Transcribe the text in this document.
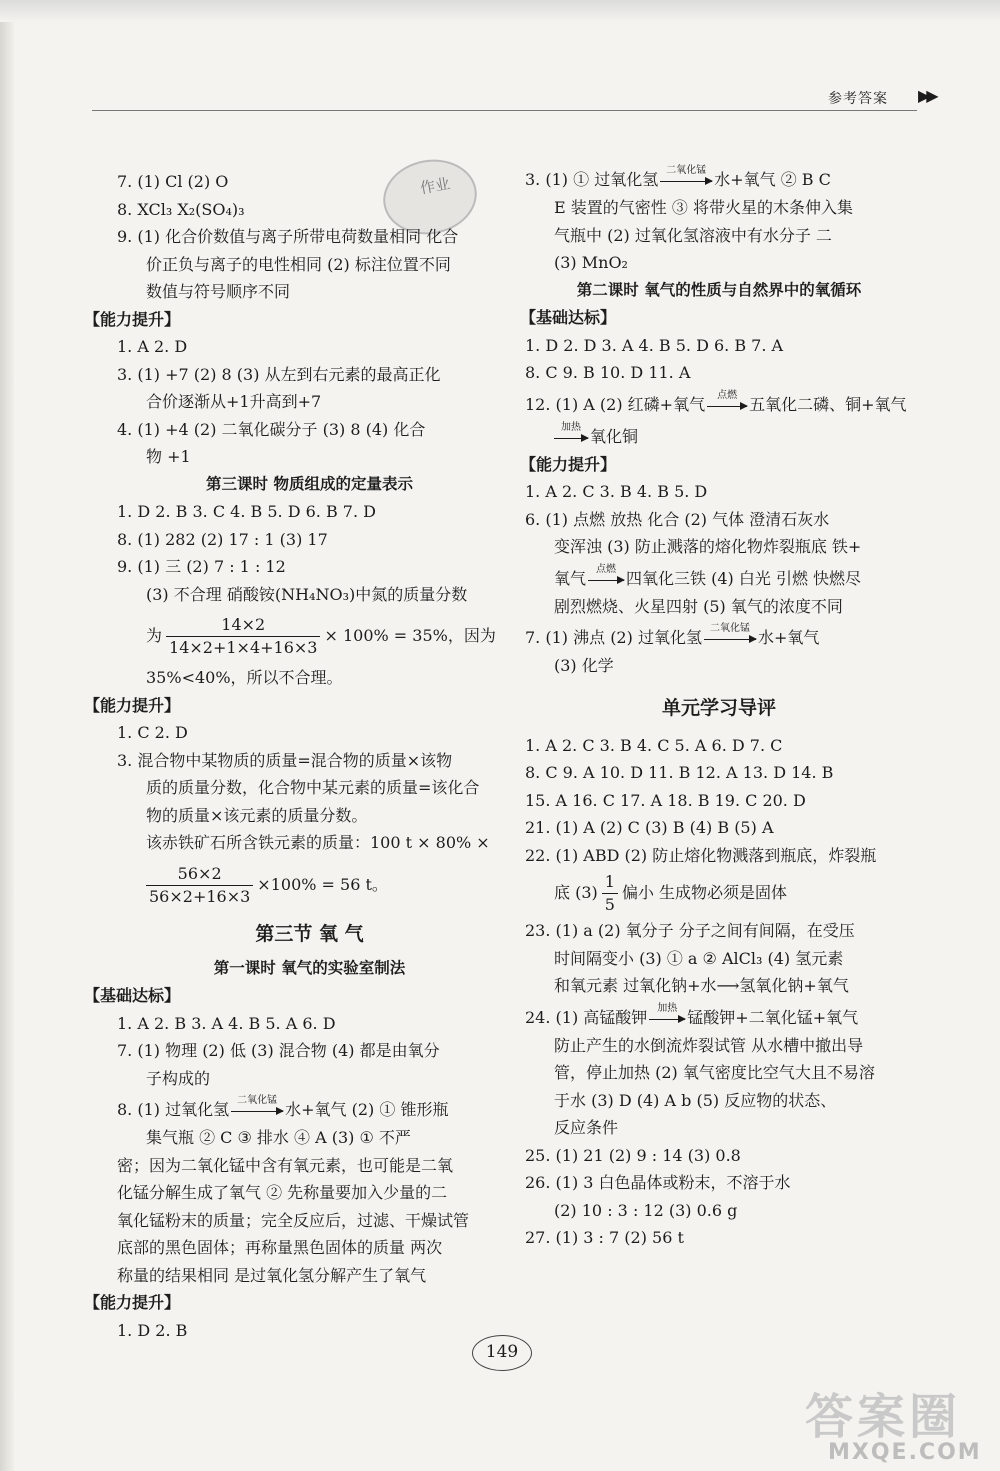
参考答案 ▶▶
作业
7. (1) Cl (2) O
8. XCl₃ X₂(SO₄)₃
9. (1) 化合价数值与离子所带电荷数量相同 化合
价正负与离子的电性相同 (2) 标注位置不同
数值与符号顺序不同
【能力提升】
1. A 2. D
3. (1) +7 (2) 8 (3) 从左到右元素的最高正化
合价逐渐从+1升高到+7
4. (1) +4 (2) 二氧化碳分子 (3) 8 (4) 化合
物 +1
第三课时 物质组成的定量表示
1. D 2. B 3. C 4. B 5. D 6. B 7. D
8. (1) 282 (2) 17 : 1 (3) 17
9. (1) 三 (2) 7 : 1 : 12
(3) 不合理 硝酸铵(NH₄NO₃)中氮的质量分数
为 $\frac{14\times 2}{14\times 2+1\times 4+16\times 3} \times 100\% = 35\%$，因为
35%<40%，所以不合理。
【能力提升】
1. C 2. D
3. 混合物中某物质的质量=混合物的质量×该物
质的质量分数，化合物中某元素的质量=该化合
物的质量×该元素的质量分数。
该赤铁矿石所含铁元素的质量：100 t × 80% ×
$\frac{56\times 2}{56\times 2+16\times 3} \times 100\% = 56$ t。
第三节 氧 气
第一课时 氧气的实验室制法
【基础达标】
1. A 2. B 3. A 4. B 5. A 6. D
7. (1) 物理 (2) 低 (3) 混合物 (4) 都是由氧分
子构成的
8. (1) 过氧化氢 二氧化锰 水+氧气 (2) ① 锥形瓶
集气瓶 ② C ③ 排水 ④ A (3) ① 不严
密；因为二氧化锰中含有氧元素，也可能是二氧
化锰分解生成了氧气 ② 先称量要加入少量的二
氧化锰粉末的质量；完全反应后，过滤、干燥试管
底部的黑色固体；再称量黑色固体的质量 两次
称量的结果相同 是过氧化氢分解产生了氧气
【能力提升】
1. D 2. B
3. (1) ① 过氧化氢 二氧化锰 水+氧气 ② B C
E 装置的气密性 ③ 将带火星的木条伸入集
气瓶中 (2) 过氧化氢溶液中有水分子 二
(3) MnO₂
第二课时 氧气的性质与自然界中的氧循环
【基础达标】
1. D 2. D 3. A 4. B 5. D 6. B 7. A
8. C 9. B 10. D 11. A
12. (1) A (2) 红磷+氧气	点燃 五氧化二磷、铜+氧气
加热 氧化铜
【能力提升】
1. A 2. C 3. B 4. B 5. D
6. (1) 点燃 放热 化合 (2) 气体 澄清石灰水
变浑浊 (3) 防止溅落的熔化物炸裂瓶底 铁+
氧气	点燃 四氧化三铁 (4) 白光 引燃 快燃尽
剧烈燃烧、火星四射 (5) 氧气的浓度不同
7. (1) 沸点 (2) 过氧化氢 二氧化锰 水+氧气
(3) 化学
单元学习导评
1. A 2. C 3. B 4. C 5. A 6. D 7. C
8. C 9. A 10. D 11. B 12. A 13. D 14. B
15. A 16. C 17. A 18. B 19. C 20. D
21. (1) A (2) C (3) B (4) B (5) A
22. (1) ABD (2) 防止熔化物溅落到瓶底，炸裂瓶
底 $(3) \frac{1}{5}$ 偏小 生成物必须是固体
23. (1) a (2) 氧分子 分子之间有间隔，在受压
时间隔变小 (3) ① a ② AlCl₃ (4) 氢元素
和氧元素 过氧化钠+水⟶氢氧化钠+氧气
24. (1) 高锰酸钾	加热 锰酸钾+二氧化锰+氧气
防止产生的水倒流炸裂试管 从水槽中撤出导
管，停止加热 (2) 氧气密度比空气大且不易溶
于水 (3) D (4) A b (5) 反应物的状态、
反应条件
25. (1) 21 (2) 9 : 14 (3) 0.8
26. (1) 3 白色晶体或粉末，不溶于水
(2) 10 : 3 : 12 (3) 0.6 g
27. (1) 3 : 7 (2) 56 t
149
答案圈
MXQE.COM
